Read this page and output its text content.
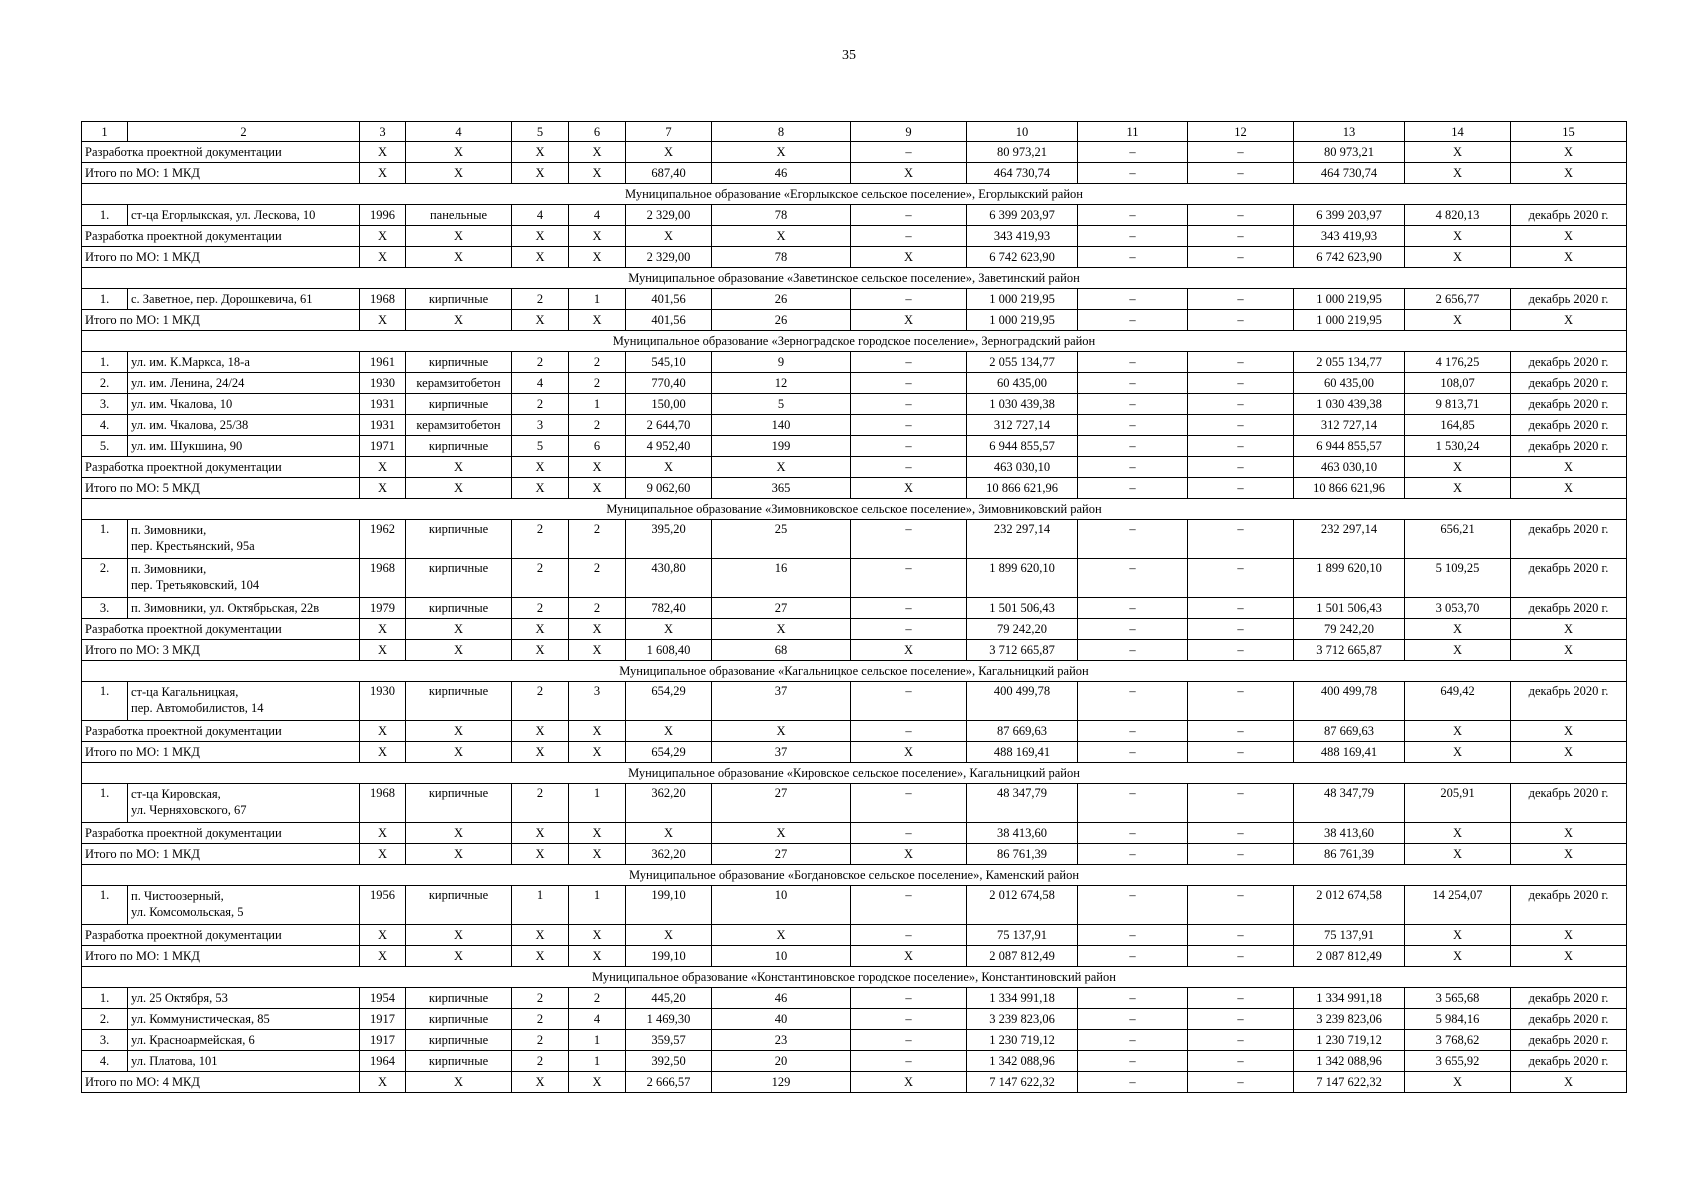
35
1	2	3	4	5	6	7	8	9	10	11	12	13	14	15
Разработка проектной документации		X	X	X	X	X	X	–	80 973,21	–	–	80 973,21	X	X
Итого по МО: 1 МКД		X	X	X	X	687,40	46	X	464 730,74	–	–	464 730,74	X	X
Муниципальное образование «Егорлыкское сельское поселение», Егорлыкский район														
1.	ст-ца Егорлыкская, ул. Лескова, 10	1996	панельные	4	4	2 329,00	78	–	6 399 203,97	–	–	6 399 203,97	4 820,13	декабрь 2020 г.
Разработка проектной документации		X	X	X	X	X	X	–	343 419,93	–	–	343 419,93	X	X
Итого по МО: 1 МКД		X	X	X	X	2 329,00	78	X	6 742 623,90	–	–	6 742 623,90	X	X
Муниципальное образование «Заветинское сельское поселение», Заветинский район														
1.	с. Заветное, пер. Дорошкевича, 61	1968	кирпичные	2	1	401,56	26	–	1 000 219,95	–	–	1 000 219,95	2 656,77	декабрь 2020 г.
Итого по МО: 1 МКД		X	X	X	X	401,56	26	X	1 000 219,95	–	–	1 000 219,95	X	X
Муниципальное образование «Зерноградское городское поселение», Зерноградский район														
1.	ул. им. К.Маркса, 18-а	1961	кирпичные	2	2	545,10	9	–	2 055 134,77	–	–	2 055 134,77	4 176,25	декабрь 2020 г.
2.	ул. им. Ленина, 24/24	1930	керамзитобетон	4	2	770,40	12	–	60 435,00	–	–	60 435,00	108,07	декабрь 2020 г.
3.	ул. им. Чкалова, 10	1931	кирпичные	2	1	150,00	5	–	1 030 439,38	–	–	1 030 439,38	9 813,71	декабрь 2020 г.
4.	ул. им. Чкалова, 25/38	1931	керамзитобетон	3	2	2 644,70	140	–	312 727,14	–	–	312 727,14	164,85	декабрь 2020 г.
5.	ул. им. Шукшина, 90	1971	кирпичные	5	6	4 952,40	199	–	6 944 855,57	–	–	6 944 855,57	1 530,24	декабрь 2020 г.
Разработка проектной документации		X	X	X	X	X	X	–	463 030,10	–	–	463 030,10	X	X
Итого по МО: 5 МКД		X	X	X	X	9 062,60	365	X	10 866 621,96	–	–	10 866 621,96	X	X
Муниципальное образование «Зимовниковское сельское поселение», Зимовниковский район														
1.	п. Зимовники,
пер. Крестьянский, 95а	1962	кирпичные	2	2	395,20	25	–	232 297,14	–	–	232 297,14	656,21	декабрь 2020 г.
2.	п. Зимовники,
пер. Третьяковский, 104	1968	кирпичные	2	2	430,80	16	–	1 899 620,10	–	–	1 899 620,10	5 109,25	декабрь 2020 г.
3.	п. Зимовники, ул. Октябрьская, 22в	1979	кирпичные	2	2	782,40	27	–	1 501 506,43	–	–	1 501 506,43	3 053,70	декабрь 2020 г.
Разработка проектной документации		X	X	X	X	X	X	–	79 242,20	–	–	79 242,20	X	X
Итого по МО: 3 МКД		X	X	X	X	1 608,40	68	X	3 712 665,87	–	–	3 712 665,87	X	X
Муниципальное образование «Кагальницкое сельское поселение», Кагальницкий район														
1.	ст-ца Кагальницкая,
пер. Автомобилистов, 14	1930	кирпичные	2	3	654,29	37	–	400 499,78	–	–	400 499,78	649,42	декабрь 2020 г.
Разработка проектной документации		X	X	X	X	X	X	–	87 669,63	–	–	87 669,63	X	X
Итого по МО: 1 МКД		X	X	X	X	654,29	37	X	488 169,41	–	–	488 169,41	X	X
Муниципальное образование «Кировское сельское поселение», Кагальницкий район														
1.	ст-ца Кировская,
ул. Черняховского, 67	1968	кирпичные	2	1	362,20	27	–	48 347,79	–	–	48 347,79	205,91	декабрь 2020 г.
Разработка проектной документации		X	X	X	X	X	X	–	38 413,60	–	–	38 413,60	X	X
Итого по МО: 1 МКД		X	X	X	X	362,20	27	X	86 761,39	–	–	86 761,39	X	X
Муниципальное образование «Богдановское сельское поселение», Каменский район														
1.	п. Чистоозерный,
ул. Комсомольская, 5	1956	кирпичные	1	1	199,10	10	–	2 012 674,58	–	–	2 012 674,58	14 254,07	декабрь 2020 г.
Разработка проектной документации		X	X	X	X	X	X	–	75 137,91	–	–	75 137,91	X	X
Итого по МО: 1 МКД		X	X	X	X	199,10	10	X	2 087 812,49	–	–	2 087 812,49	X	X
Муниципальное образование «Константиновское городское поселение», Константиновский район														
1.	ул. 25 Октября, 53	1954	кирпичные	2	2	445,20	46	–	1 334 991,18	–	–	1 334 991,18	3 565,68	декабрь 2020 г.
2.	ул. Коммунистическая, 85	1917	кирпичные	2	4	1 469,30	40	–	3 239 823,06	–	–	3 239 823,06	5 984,16	декабрь 2020 г.
3.	ул. Красноармейская, 6	1917	кирпичные	2	1	359,57	23	–	1 230 719,12	–	–	1 230 719,12	3 768,62	декабрь 2020 г.
4.	ул. Платова, 101	1964	кирпичные	2	1	392,50	20	–	1 342 088,96	–	–	1 342 088,96	3 655,92	декабрь 2020 г.
Итого по МО: 4 МКД		X	X	X	X	2 666,57	129	X	7 147 622,32	–	–	7 147 622,32	X	X
